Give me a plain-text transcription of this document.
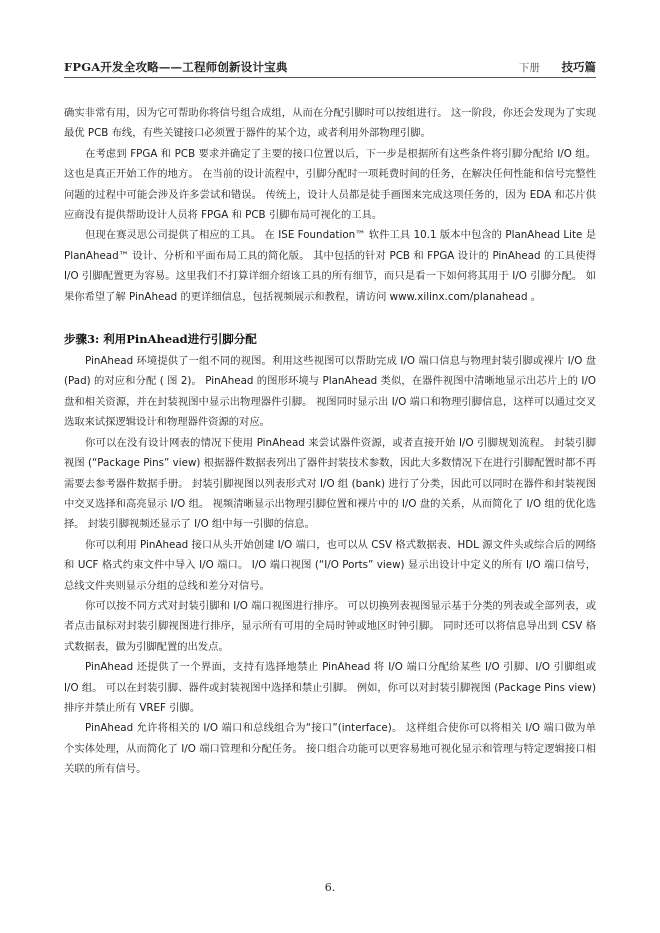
FPGA开发全攻略——工程师创新设计宝典	下册 技巧篇

确实非常有用，因为它可帮助你将信号组合成组，从而在分配引脚时可以按组进行。 这一阶段，你还会发现为了实现最优 PCB 布线，有些关键接口必须置于器件的某个边，或者利用外部物理引脚。

在考虑到 FPGA 和 PCB 要求并确定了主要的接口位置以后，下一步是根据所有这些条件将引脚分配给 I/O 组。 这也是真正开始工作的地方。 在当前的设计流程中，引脚分配时一项耗费时间的任务，在解决任何性能和信号完整性问题的过程中可能会涉及许多尝试和错误。 传统上，设计人员都是徒手画图来完成这项任务的，因为 EDA 和芯片供应商没有提供帮助设计人员将 FPGA 和 PCB 引脚布局可视化的工具。

但现在赛灵思公司提供了相应的工具。 在 ISE Foundation™ 软件工具 10.1 版本中包含的 PlanAhead Lite 是 PlanAhead™ 设计、分析和平面布局工具的简化版。 其中包括的针对 PCB 和 FPGA 设计的 PinAhead 的工具使得 I/O 引脚配置更为容易。这里我们不打算详细介绍该工具的所有细节，而只是看一下如何将其用于 I/O 引脚分配。 如果你希望了解 PinAhead 的更详细信息，包括视频展示和教程，请访问 www.xilinx.com/planahead 。

步骤3: 利用PinAhead进行引脚分配

PinAhead 环境提供了一组不同的视图。利用这些视图可以帮助完成 I/O 端口信息与物理封装引脚或裸片 I/O 盘 (Pad) 的对应和分配 ( 图 2)。 PinAhead 的图形环境与 PlanAhead 类似，在器件视图中清晰地显示出芯片上的 I/O 盘和相关资源，并在封装视图中显示出物理器件引脚。 视图同时显示出 I/O 端口和物理引脚信息，这样可以通过交叉选取来试探逻辑设计和物理器件资源的对应。

你可以在没有设计网表的情况下使用 PinAhead 来尝试器件资源，或者直接开始 I/O 引脚规划流程。 封装引脚视图 (“Package Pins” view) 根据器件数据表列出了器件封装技术参数，因此大多数情况下在进行引脚配置时都不再需要去参考器件数据手册。 封装引脚视图以列表形式对 I/O 组 (bank) 进行了分类，因此可以同时在器件和封装视图中交叉选择和高亮显示 I/O 组。 视频清晰显示出物理引脚位置和裸片中的 I/O 盘的关系，从而简化了 I/O 组的优化选择。 封装引脚视频还显示了 I/O 组中每一引脚的信息。

你可以利用 PinAhead 接口从头开始创建 I/O 端口，也可以从 CSV 格式数据表、HDL 源文件头或综合后的网络和 UCF 格式约束文件中导入 I/O 端口。 I/O 端口视图 (“I/O Ports” view) 显示出设计中定义的所有 I/O 端口信号，总线文件夹则显示分组的总线和差分对信号。

你可以按不同方式对封装引脚和 I/O 端口视图进行排序。 可以切换列表视图显示基于分类的列表或全部列表，或者点击鼠标对封装引脚视图进行排序，显示所有可用的全局时钟或地区时钟引脚。 同时还可以将信息导出到 CSV 格式数据表，做为引脚配置的出发点。

PinAhead 还提供了一个界面，支持有选择地禁止 PinAhead 将 I/O 端口分配给某些 I/O 引脚、I/O 引脚组或 I/O 组。 可以在封装引脚、器件或封装视图中选择和禁止引脚。 例如，你可以对封装引脚视图 (Package Pins view) 排序并禁止所有 VREF 引脚。

PinAhead 允许将相关的 I/O 端口和总线组合为“接口”(interface)。 这样组合使你可以将相关 I/O 端口做为单个实体处理，从而简化了 I/O 端口管理和分配任务。 接口组合功能可以更容易地可视化显示和管理与特定逻辑接口相关联的所有信号。

6.
